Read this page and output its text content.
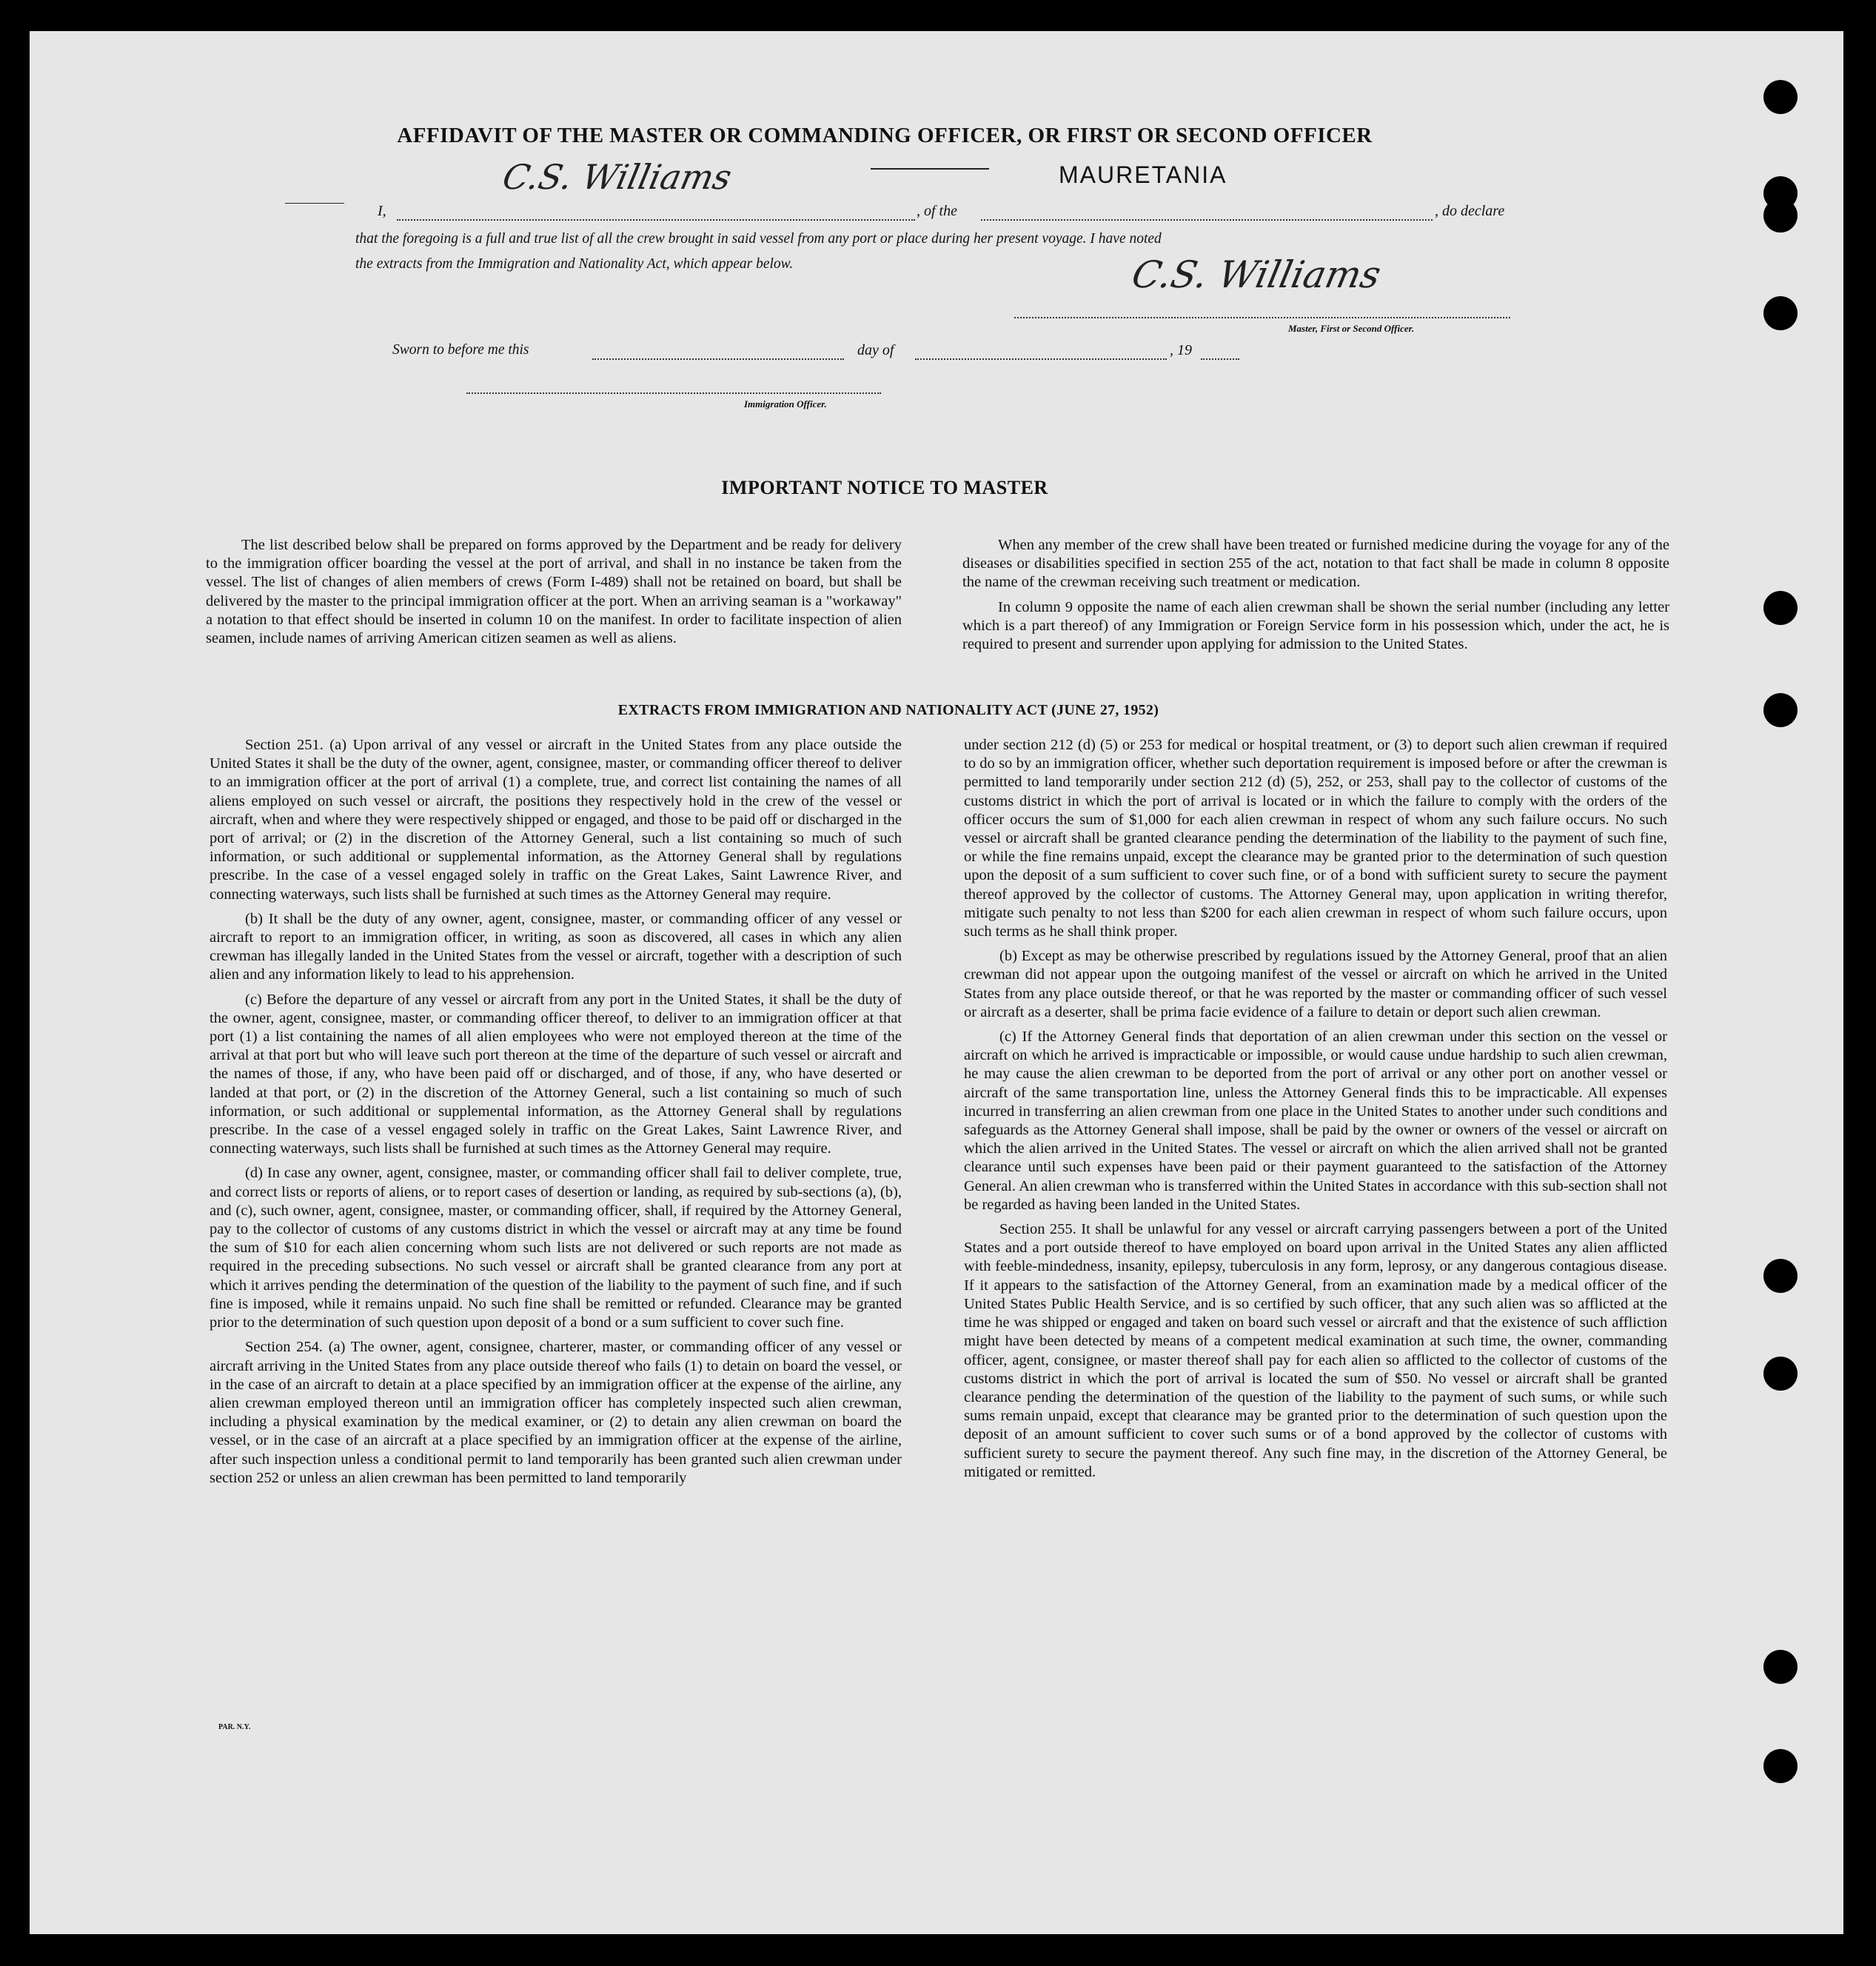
AFFIDAVIT OF THE MASTER OR COMMANDING OFFICER, OR FIRST OR SECOND OFFICER
MAURETANIA
C.S. Williams
I,	, of the	, do declare
that the foregoing is a full and true list of all the crew brought in said vessel from any port or place during her present voyage. I have noted
the extracts from the Immigration and Nationality Act, which appear below.	C.S. Williams
Master, First or Second Officer.
Sworn to before me this	day of	, 19
Immigration Officer.
IMPORTANT NOTICE TO MASTER

The list described below shall be prepared on forms approved by the Department and be ready for delivery to the immigration officer boarding the vessel at the port of arrival, and shall in no instance be taken from the vessel. The list of changes of alien members of crews (Form I-489) shall not be retained on board, but shall be delivered by the master to the principal immigration officer at the port. When an arriving seaman is a "workaway" a notation to that effect should be inserted in column 10 on the manifest. In order to facilitate inspection of alien seamen, include names of arriving American citizen seamen as well as aliens.

When any member of the crew shall have been treated or furnished medicine during the voyage for any of the diseases or disabilities specified in section 255 of the act, notation to that fact shall be made in column 8 opposite the name of the crewman receiving such treatment or medication.

In column 9 opposite the name of each alien crewman shall be shown the serial number (including any letter which is a part thereof) of any Immigration or Foreign Service form in his possession which, under the act, he is required to present and surrender upon applying for admission to the United States.

EXTRACTS FROM IMMIGRATION AND NATIONALITY ACT (JUNE 27, 1952)

Section 251. (a) Upon arrival of any vessel or aircraft in the United States from any place outside the United States it shall be the duty of the owner, agent, consignee, master, or commanding officer thereof to deliver to an immigration officer at the port of arrival (1) a complete, true, and correct list containing the names of all aliens employed on such vessel or aircraft, the positions they respectively hold in the crew of the vessel or aircraft, when and where they were respectively shipped or engaged, and those to be paid off or discharged in the port of arrival; or (2) in the discretion of the Attorney General, such a list containing so much of such information, or such additional or supplemental information, as the Attorney General shall by regulations prescribe. In the case of a vessel engaged solely in traffic on the Great Lakes, Saint Lawrence River, and connecting waterways, such lists shall be furnished at such times as the Attorney General may require.

(b) It shall be the duty of any owner, agent, consignee, master, or commanding officer of any vessel or aircraft to report to an immigration officer, in writing, as soon as discovered, all cases in which any alien crewman has illegally landed in the United States from the vessel or aircraft, together with a description of such alien and any information likely to lead to his apprehension.

(c) Before the departure of any vessel or aircraft from any port in the United States, it shall be the duty of the owner, agent, consignee, master, or commanding officer thereof, to deliver to an immigration officer at that port (1) a list containing the names of all alien employees who were not employed thereon at the time of the arrival at that port but who will leave such port thereon at the time of the departure of such vessel or aircraft and the names of those, if any, who have been paid off or discharged, and of those, if any, who have deserted or landed at that port, or (2) in the discretion of the Attorney General, such a list containing so much of such information, or such additional or supplemental information, as the Attorney General shall by regulations prescribe. In the case of a vessel engaged solely in traffic on the Great Lakes, Saint Lawrence River, and connecting waterways, such lists shall be furnished at such times as the Attorney General may require.

(d) In case any owner, agent, consignee, master, or commanding officer shall fail to deliver complete, true, and correct lists or reports of aliens, or to report cases of desertion or landing, as required by sub-sections (a), (b), and (c), such owner, agent, consignee, master, or commanding officer, shall, if required by the Attorney General, pay to the collector of customs of any customs district in which the vessel or aircraft may at any time be found the sum of $10 for each alien concerning whom such lists are not delivered or such reports are not made as required in the preceding subsections. No such vessel or aircraft shall be granted clearance from any port at which it arrives pending the determination of the question of the liability to the payment of such fine, and if such fine is imposed, while it remains unpaid. No such fine shall be remitted or refunded. Clearance may be granted prior to the determination of such question upon deposit of a bond or a sum sufficient to cover such fine.

Section 254. (a) The owner, agent, consignee, charterer, master, or commanding officer of any vessel or aircraft arriving in the United States from any place outside thereof who fails (1) to detain on board the vessel, or in the case of an aircraft to detain at a place specified by an immigration officer at the expense of the airline, any alien crewman employed thereon until an immigration officer has completely inspected such alien crewman, including a physical examination by the medical examiner, or (2) to detain any alien crewman on board the vessel, or in the case of an aircraft at a place specified by an immigration officer at the expense of the airline, after such inspection unless a conditional permit to land temporarily has been granted such alien crewman under section 252 or unless an alien crewman has been permitted to land temporarily

under section 212 (d) (5) or 253 for medical or hospital treatment, or (3) to deport such alien crewman if required to do so by an immigration officer, whether such deportation requirement is imposed before or after the crewman is permitted to land temporarily under section 212 (d) (5), 252, or 253, shall pay to the collector of customs of the customs district in which the port of arrival is located or in which the failure to comply with the orders of the officer occurs the sum of $1,000 for each alien crewman in respect of whom any such failure occurs. No such vessel or aircraft shall be granted clearance pending the determination of the liability to the payment of such fine, or while the fine remains unpaid, except the clearance may be granted prior to the determination of such question upon the deposit of a sum sufficient to cover such fine, or of a bond with sufficient surety to secure the payment thereof approved by the collector of customs. The Attorney General may, upon application in writing therefor, mitigate such penalty to not less than $200 for each alien crewman in respect of whom such failure occurs, upon such terms as he shall think proper.

(b) Except as may be otherwise prescribed by regulations issued by the Attorney General, proof that an alien crewman did not appear upon the outgoing manifest of the vessel or aircraft on which he arrived in the United States from any place outside thereof, or that he was reported by the master or commanding officer of such vessel or aircraft as a deserter, shall be prima facie evidence of a failure to detain or deport such alien crewman.

(c) If the Attorney General finds that deportation of an alien crewman under this section on the vessel or aircraft on which he arrived is impracticable or impossible, or would cause undue hardship to such alien crewman, he may cause the alien crewman to be deported from the port of arrival or any other port on another vessel or aircraft of the same transportation line, unless the Attorney General finds this to be impracticable. All expenses incurred in transferring an alien crewman from one place in the United States to another under such conditions and safeguards as the Attorney General shall impose, shall be paid by the owner or owners of the vessel or aircraft on which the alien arrived in the United States. The vessel or aircraft on which the alien arrived shall not be granted clearance until such expenses have been paid or their payment guaranteed to the satisfaction of the Attorney General. An alien crewman who is transferred within the United States in accordance with this sub-section shall not be regarded as having been landed in the United States.

Section 255. It shall be unlawful for any vessel or aircraft carrying passengers between a port of the United States and a port outside thereof to have employed on board upon arrival in the United States any alien afflicted with feeble-mindedness, insanity, epilepsy, tuberculosis in any form, leprosy, or any dangerous contagious disease. If it appears to the satisfaction of the Attorney General, from an examination made by a medical officer of the United States Public Health Service, and is so certified by such officer, that any such alien was so afflicted at the time he was shipped or engaged and taken on board such vessel or aircraft and that the existence of such affliction might have been detected by means of a competent medical examination at such time, the owner, commanding officer, agent, consignee, or master thereof shall pay for each alien so afflicted to the collector of customs of the customs district in which the port of arrival is located the sum of $50. No vessel or aircraft shall be granted clearance pending the determination of the question of the liability to the payment of such sums, or while such sums remain unpaid, except that clearance may be granted prior to the determination of such question upon the deposit of an amount sufficient to cover such sums or of a bond approved by the collector of customs with sufficient surety to secure the payment thereof. Any such fine may, in the discretion of the Attorney General, be mitigated or remitted.

PAR. N.Y.
